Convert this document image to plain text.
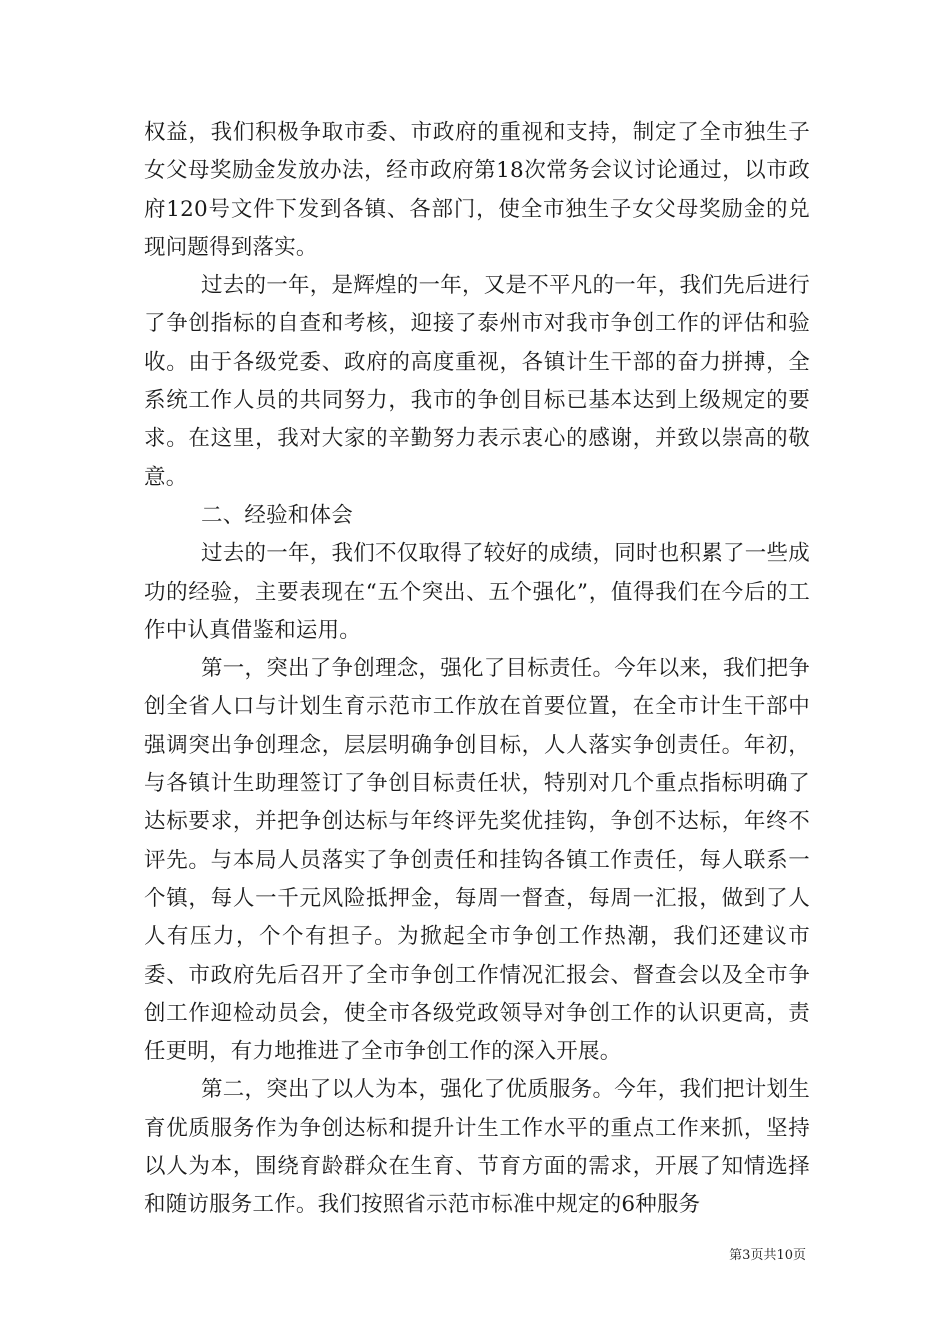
权益，我们积极争取市委、市政府的重视和支持，制定了全市独生子女父母奖励金发放办法，经市政府第18次常务会议讨论通过，以市政府120号文件下发到各镇、各部门，使全市独生子女父母奖励金的兑现问题得到落实。

过去的一年，是辉煌的一年，又是不平凡的一年，我们先后进行了争创指标的自查和考核，迎接了泰州市对我市争创工作的评估和验收。由于各级党委、政府的高度重视，各镇计生干部的奋力拼搏，全系统工作人员的共同努力，我市的争创目标已基本达到上级规定的要求。在这里，我对大家的辛勤努力表示衷心的感谢，并致以崇高的敬意。

二、经验和体会

过去的一年，我们不仅取得了较好的成绩，同时也积累了一些成功的经验，主要表现在“五个突出、五个强化”，值得我们在今后的工作中认真借鉴和运用。

第一，突出了争创理念，强化了目标责任。今年以来，我们把争创全省人口与计划生育示范市工作放在首要位置，在全市计生干部中强调突出争创理念，层层明确争创目标，人人落实争创责任。年初，与各镇计生助理签订了争创目标责任状，特别对几个重点指标明确了达标要求，并把争创达标与年终评先奖优挂钩，争创不达标，年终不评先。与本局人员落实了争创责任和挂钩各镇工作责任，每人联系一个镇，每人一千元风险抵押金，每周一督查，每周一汇报，做到了人人有压力，个个有担子。为掀起全市争创工作热潮，我们还建议市委、市政府先后召开了全市争创工作情况汇报会、督查会以及全市争创工作迎检动员会，使全市各级党政领导对争创工作的认识更高，责任更明，有力地推进了全市争创工作的深入开展。

第二，突出了以人为本，强化了优质服务。今年，我们把计划生育优质服务作为争创达标和提升计生工作水平的重点工作来抓，坚持以人为本，围绕育龄群众在生育、节育方面的需求，开展了知情选择和随访服务工作。我们按照省示范市标准中规定的6种服务

第3页共10页
